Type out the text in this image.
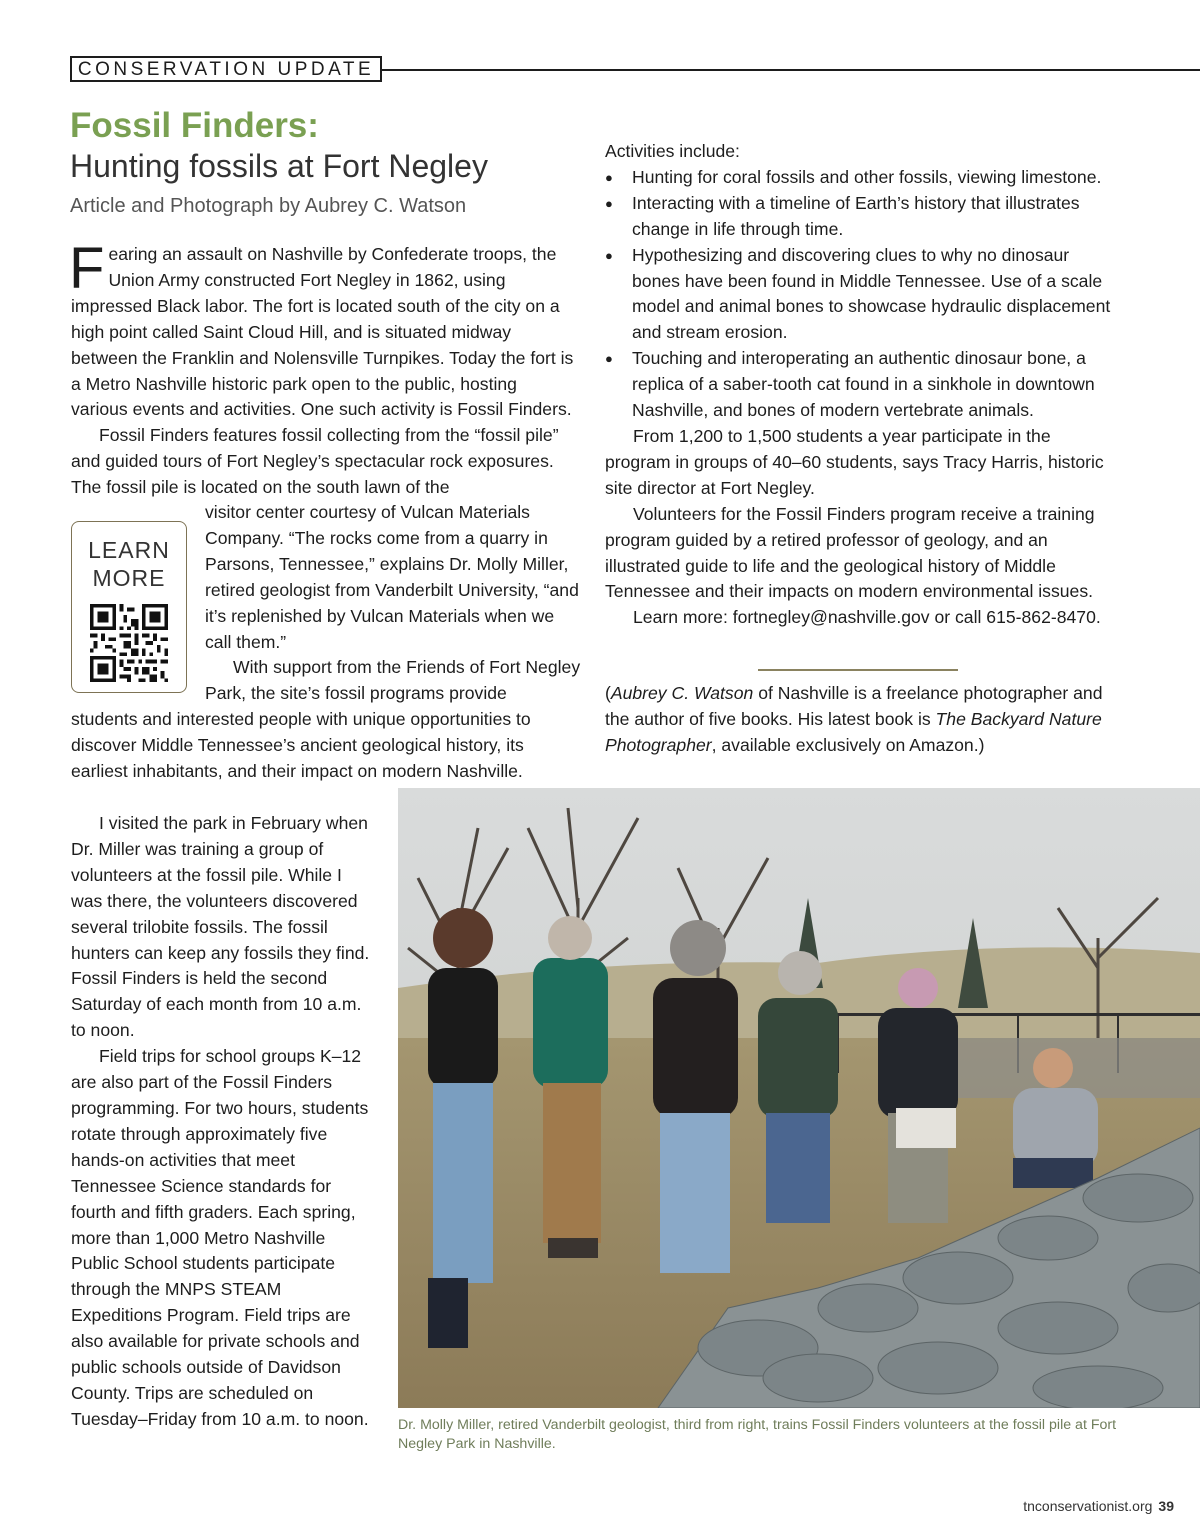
CONSERVATION UPDATE
Fossil Finders:
Hunting fossils at Fort Negley
Article and Photograph by Aubrey C. Watson

Fearing an assault on Nashville by Confederate troops, the Union Army constructed Fort Negley in 1862, using impressed Black labor. The fort is located south of the city on a high point called Saint Cloud Hill, and is situated midway between the Franklin and Nolensville Turnpikes. Today the fort is a Metro Nashville historic park open to the public, hosting various events and activities. One such activity is Fossil Finders.

Fossil Finders features fossil collecting from the “fossil pile” and guided tours of Fort Negley’s spectacular rock exposures. The fossil pile is located on the south lawn of the

visitor center courtesy of Vulcan Materials Company. “The rocks come from a quarry in Parsons, Tennessee,” explains Dr. Molly Miller, retired geologist from Vanderbilt University, “and it’s replenished by Vulcan Materials when we call them.”

With support from the Friends of Fort Negley Park, the site’s fossil programs provide

students and interested people with unique opportunities to discover Middle Tennessee’s ancient geological history, its earliest inhabitants, and their impact on modern Nashville.

I visited the park in February when Dr. Miller was training a group of volunteers at the fossil pile. While I was there, the volunteers discovered several trilobite fossils. The fossil hunters can keep any fossils they find. Fossil Finders is held the second Saturday of each month from 10 a.m. to noon.

Field trips for school groups K–12 are also part of the Fossil Finders programming. For two hours, students rotate through approximately five hands-on activities that meet Tennessee Science standards for fourth and fifth graders. Each spring, more than 1,000 Metro Nashville Public School students participate through the MNPS STEAM Expeditions Program. Field trips are also available for private schools and public schools outside of Davidson County. Trips are scheduled on Tuesday–Friday from 10 a.m. to noon.

LEARN
MORE

Activities include:

● Hunting for coral fossils and other fossils, viewing limestone.
● Interacting with a timeline of Earth’s history that illustrates change in life through time.
● Hypothesizing and discovering clues to why no dinosaur bones have been found in Middle Tennessee. Use of a scale model and animal bones to showcase hydraulic displacement and stream erosion.
● Touching and interoperating an authentic dinosaur bone, a replica of a saber-tooth cat found in a sinkhole in downtown Nashville, and bones of modern vertebrate animals.

From 1,200 to 1,500 students a year participate in the program in groups of 40–60 students, says Tracy Harris, historic site director at Fort Negley.

Volunteers for the Fossil Finders program receive a training program guided by a retired professor of geology, and an illustrated guide to life and the geological history of Middle Tennessee and their impacts on modern environmental issues.

Learn more: fortnegley@nashville.gov or call 615-862-8470.

(Aubrey C. Watson of Nashville is a freelance photographer and the author of five books. His latest book is The Backyard Nature Photographer, available exclusively on Amazon.)
Dr. Molly Miller, retired Vanderbilt geologist, third from right, trains Fossil Finders volunteers at the fossil pile at Fort Negley Park in Nashville.
tnconservationist.org 39
